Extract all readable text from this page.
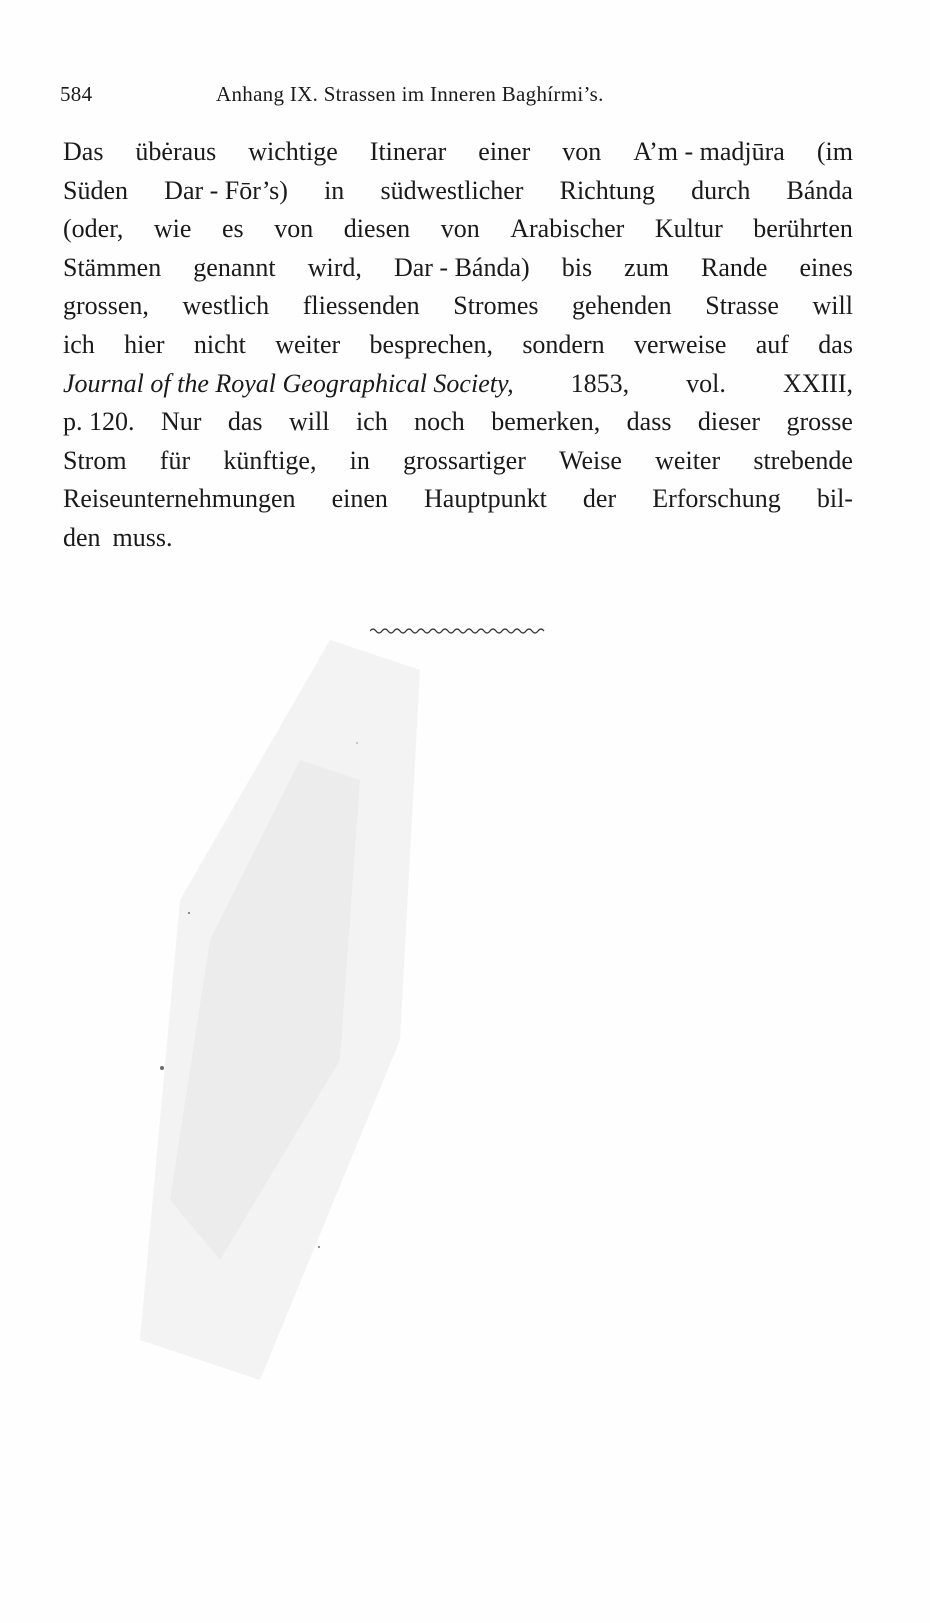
584	Anhang IX. Strassen im Inneren Baghírmi’s.
Das übėraus wichtige Itinerar einer von A’m - madjūra (im
Süden Dar - Fōr’s) in südwestlicher Richtung durch Bánda
(oder, wie es von diesen von Arabischer Kultur berührten
Stämmen genannt wird, Dar - Bánda) bis zum Rande eines
grossen, westlich fliessenden Stromes gehenden Strasse will
ich hier nicht weiter besprechen, sondern verweise auf das
Journal of the Royal Geographical Society, 1853, vol. XXIII,
p. 120. Nur das will ich noch bemerken, dass dieser grosse
Strom für künftige, in grossartiger Weise weiter strebende
Reiseunternehmungen einen Hauptpunkt der Erforschung bil-
den muss.
